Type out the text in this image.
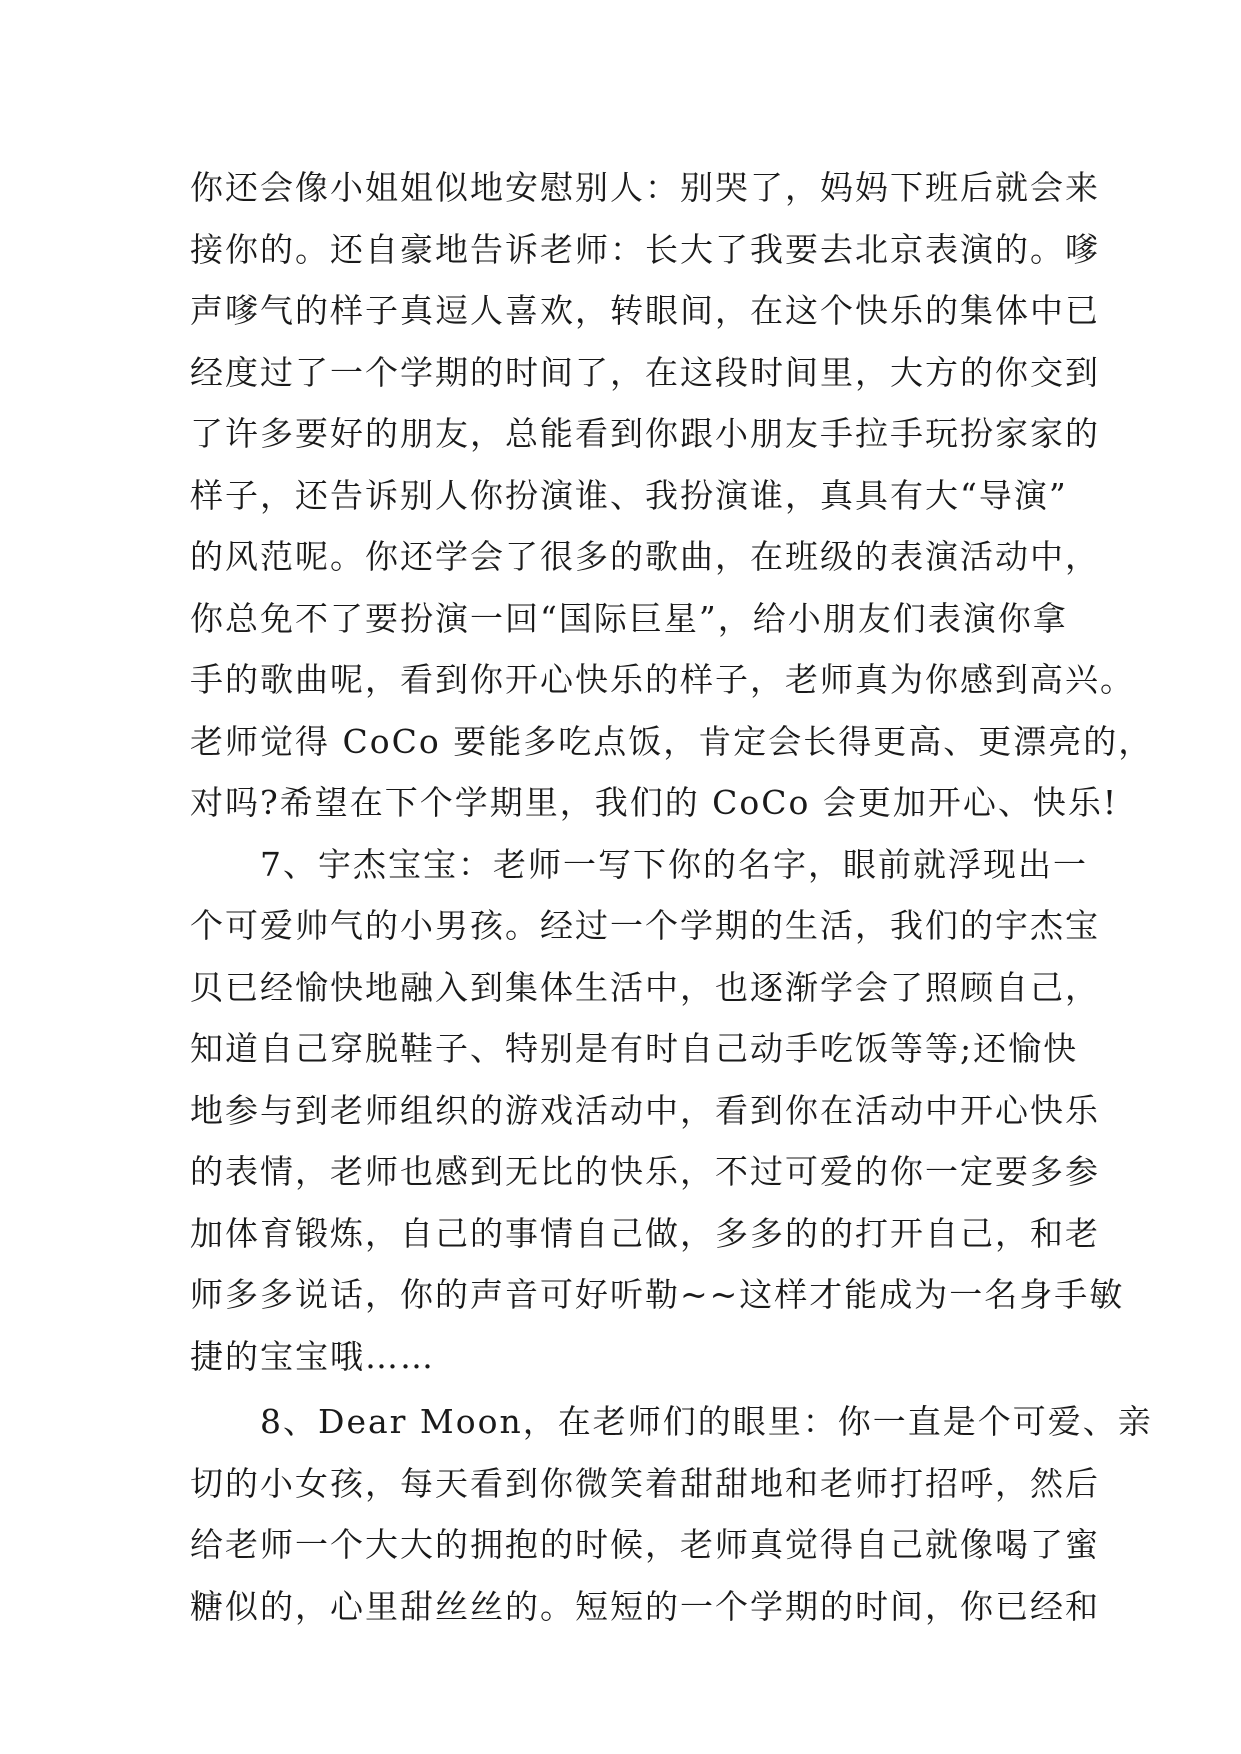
你还会像小姐姐似地安慰别人：别哭了，妈妈下班后就会来
接你的。还自豪地告诉老师：长大了我要去北京表演的。嗲
声嗲气的样子真逗人喜欢，转眼间，在这个快乐的集体中已
经度过了一个学期的时间了，在这段时间里，大方的你交到
了许多要好的朋友，总能看到你跟小朋友手拉手玩扮家家的
样子，还告诉别人你扮演谁、我扮演谁，真具有大“导演”
的风范呢。你还学会了很多的歌曲，在班级的表演活动中，
你总免不了要扮演一回“国际巨星”，给小朋友们表演你拿
手的歌曲呢，看到你开心快乐的样子，老师真为你感到高兴。
老师觉得 CoCo 要能多吃点饭，肯定会长得更高、更漂亮的，
对吗?希望在下个学期里，我们的 CoCo 会更加开心、快乐!
　　7、宇杰宝宝：老师一写下你的名字，眼前就浮现出一
个可爱帅气的小男孩。经过一个学期的生活，我们的宇杰宝
贝已经愉快地融入到集体生活中，也逐渐学会了照顾自己，
知道自己穿脱鞋子、特别是有时自己动手吃饭等等;还愉快
地参与到老师组织的游戏活动中，看到你在活动中开心快乐
的表情，老师也感到无比的快乐，不过可爱的你一定要多参
加体育锻炼，自己的事情自己做，多多的的打开自己，和老
师多多说话，你的声音可好听勒~~这样才能成为一名身手敏
捷的宝宝哦……
　　8、Dear Moon，在老师们的眼里：你一直是个可爱、亲
切的小女孩，每天看到你微笑着甜甜地和老师打招呼，然后
给老师一个大大的拥抱的时候，老师真觉得自己就像喝了蜜
糖似的，心里甜丝丝的。短短的一个学期的时间，你已经和
